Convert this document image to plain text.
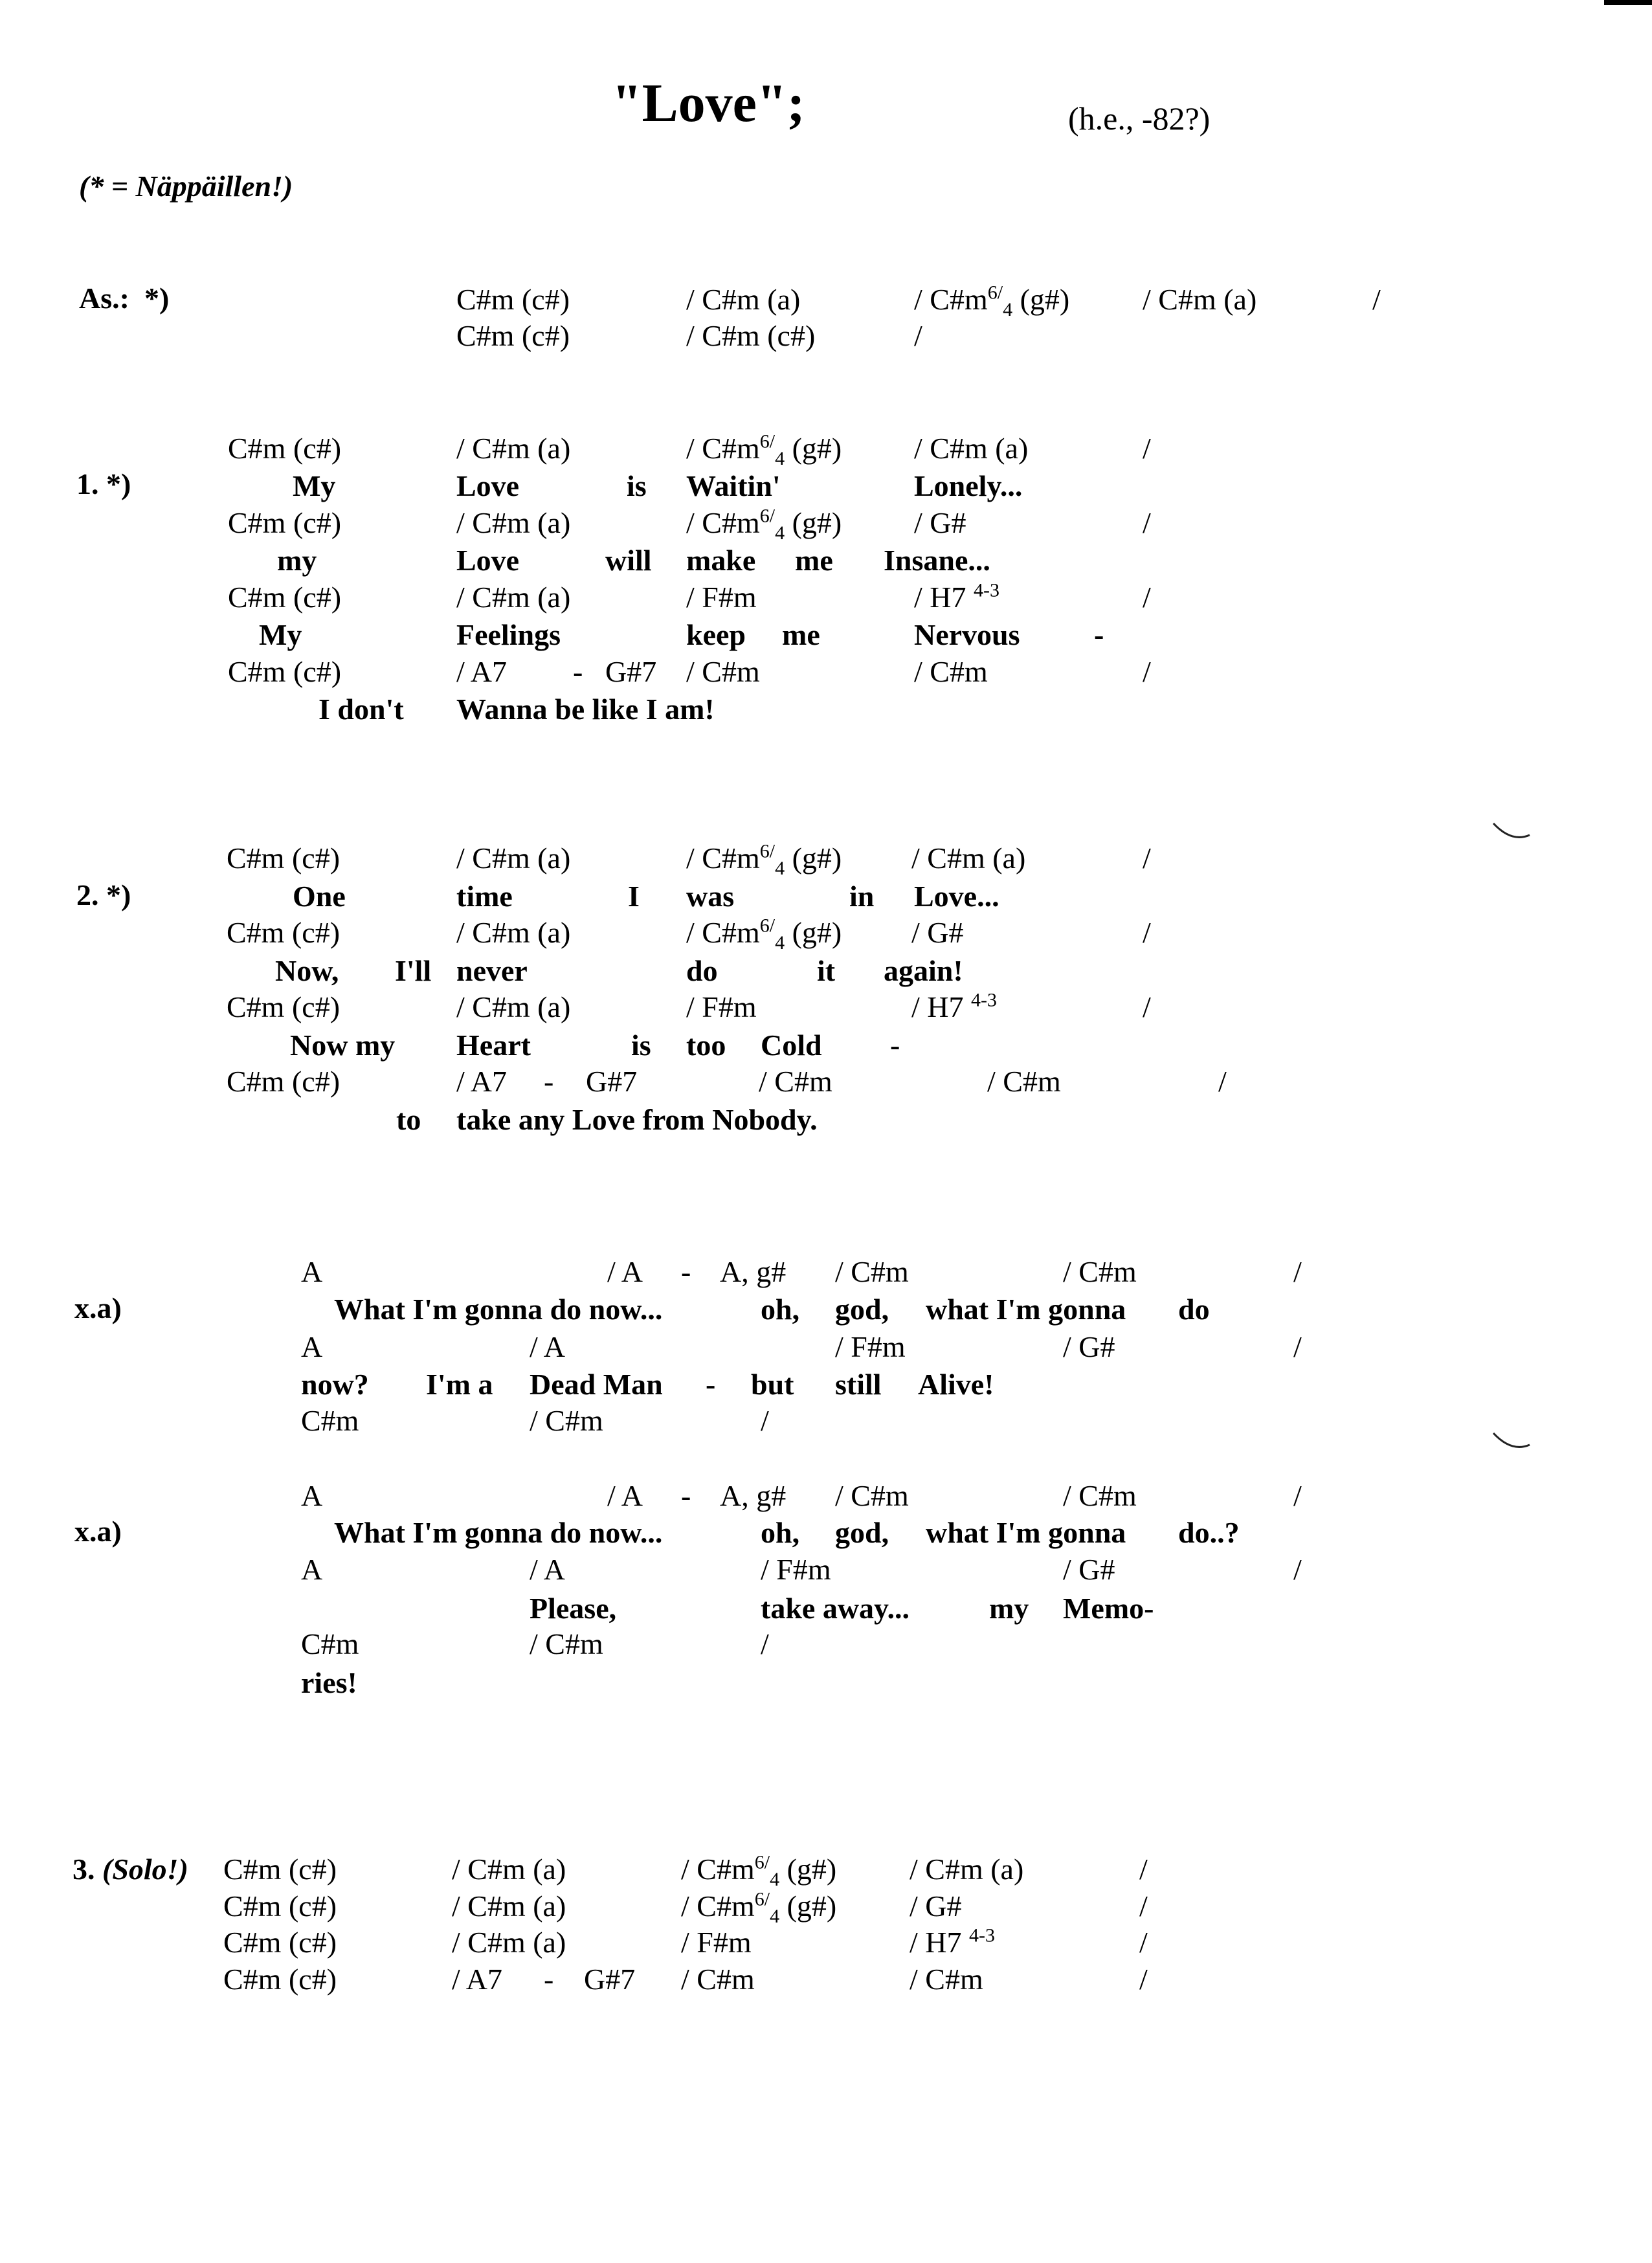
"Love";	(h.e., -82?)
(* = Näppäillen!)
As.:  *)	C#m (c#)	/ C#m (a)	/ $C\#m^{6/}_4$ (g#) / C#m (a)	/
C#m (c#)	/ C#m (c#)	/
1. *)
C#m (c#)	/ C#m (a)	/ $C\#m^{6/}_4$ (g#) / C#m (a)	/
My	Love	is Waitin'	Lonely...
C#m (c#)	/ C#m (a)	/ $C\#m^{6/}_4$ (g#) / G#	/
my	Love	will make me Insane...
C#m (c#)	/ C#m (a)	/ F#m	/ H7 $^{4-3}$	/
My	Feelings	keep me	Nervous -
C#m (c#)	/ A7 - G#7 / C#m	/ C#m	/
I don't Wanna be like I am!
2. *)
C#m (c#)	/ C#m (a)	/ $C\#m^{6/}_4$ (g#) / C#m (a)	/
One	time	I was	in Love...
C#m (c#)	/ C#m (a)	/ $C\#m^{6/}_4$ (g#) / G#	/
Now, I'll never	do	it again!
C#m (c#)	/ C#m (a)	/ F#m	/ H7 $^{4-3}$	/
Now my Heart	is too Cold -
C#m (c#)	/ A7 - G#7	/ C#m	/ C#m	/
to take any Love from Nobody.
x.a)
A	/ A - A, g# / C#m	/ C#m	/
What I'm gonna do now...	oh, god, what I'm gonna do
A	/ A	/ F#m	/ G#	/
now? I'm a Dead Man - but still Alive!
C#m	/ C#m	/
x.a)
A	/ A - A, g# / C#m	/ C#m	/
What I'm gonna do now...	oh, god, what I'm gonna do..?
A	/ A	/ F#m	/ G#	/
Please,	take away...	my Memo-
C#m	/ C#m	/
ries!
3. (Solo!) C#m (c#)	/ C#m (a)	/ $C\#m^{6/}_4$ (g#) / C#m (a)	/
C#m (c#)	/ C#m (a)	/ $C\#m^{6/}_4$ (g#) / G#	/
C#m (c#)	/ C#m (a)	/ F#m	/ H7 $^{4-3}$	/
C#m (c#)	/ A7 - G#7 / C#m	/ C#m	/
